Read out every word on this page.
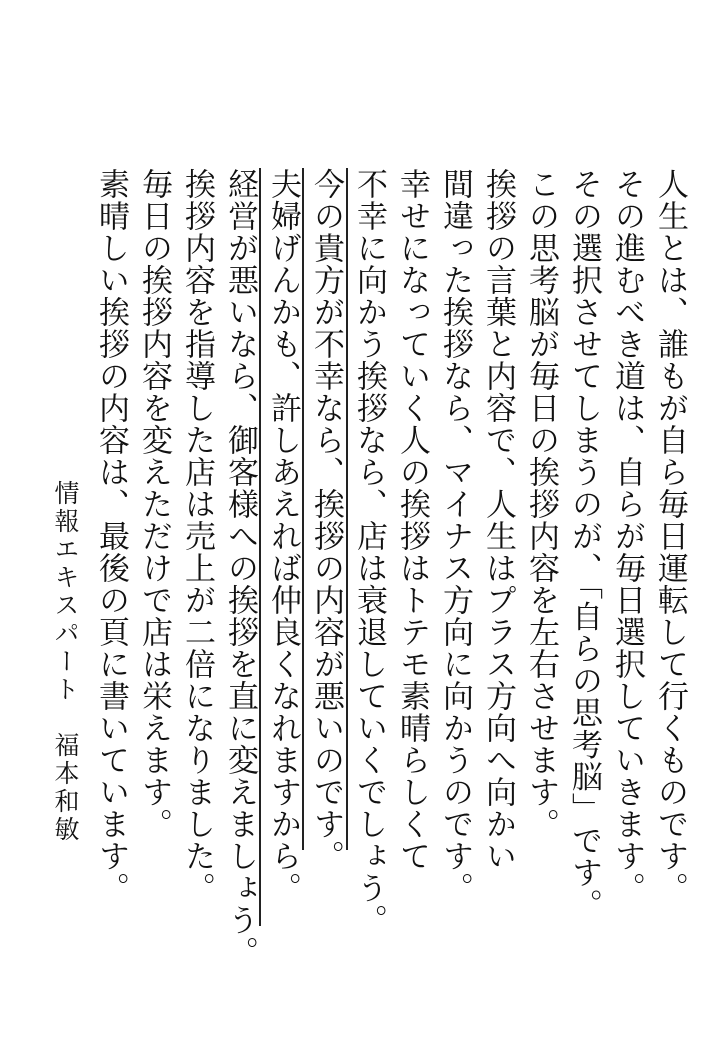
人生とは、誰もが自ら毎日運転して行くものです。
その進むべき道は、自らが毎日選択していきます。
その選択させてしまうのが、「自らの思考脳」です。
この思考脳が毎日の挨拶内容を左右させます。
挨拶の言葉と内容で、人生はプラス方向へ向かい
間違った挨拶なら、マイナス方向に向かうのです。
幸せになっていく人の挨拶はトテモ素晴らしくて
不幸に向かう挨拶なら、店は衰退していくでしょう。
今の貴方が不幸なら、挨拶の内容が悪いのです。
夫婦げんかも、許しあえれば仲良くなれますから。
経営が悪いなら、御客様への挨拶を直に変えましょう。
挨拶内容を指導した店は売上が二倍になりました。
毎日の挨拶内容を変えただけで店は栄えます。
素晴しい挨拶の内容は、最後の頁に書いています。
情報エキスパート　福本和敏
